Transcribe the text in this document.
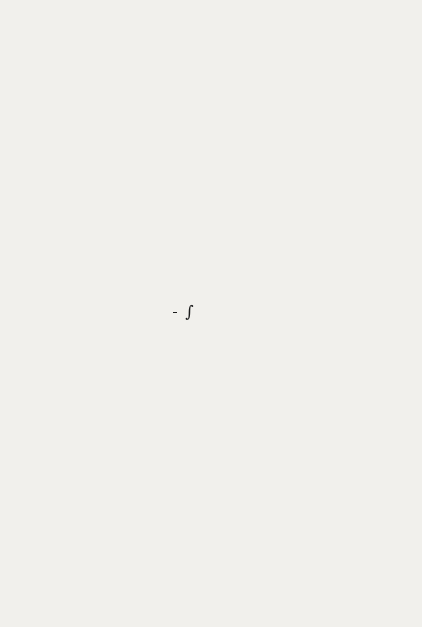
∫
